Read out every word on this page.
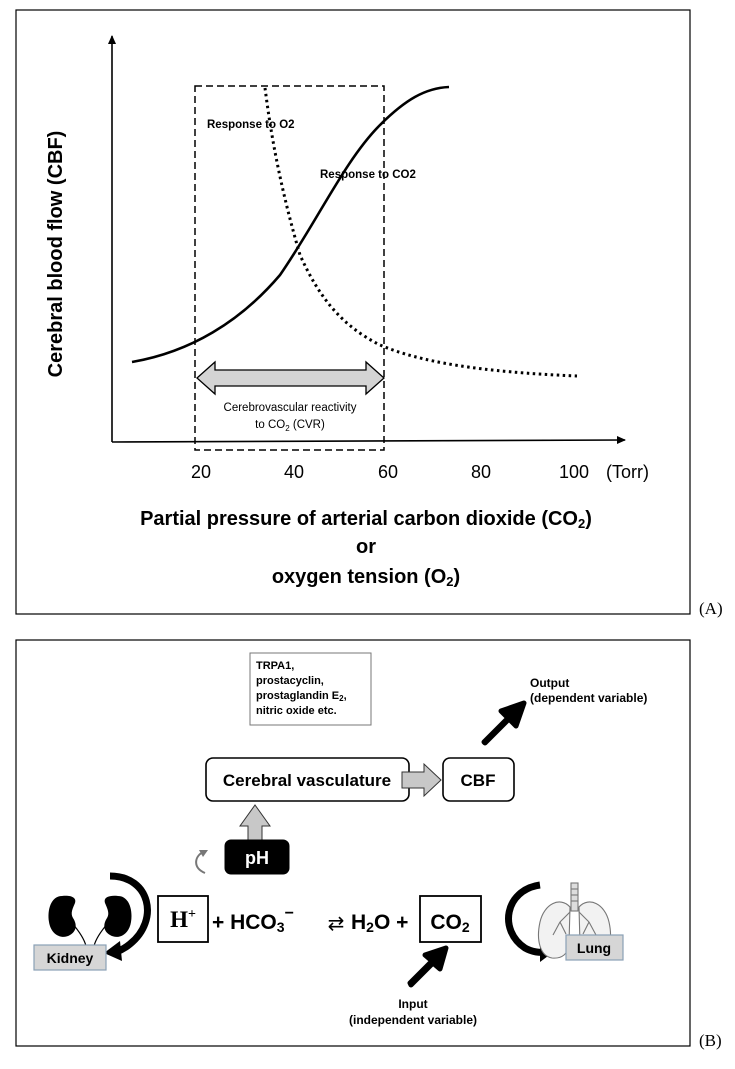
Cerebral blood flow (CBF)
Response to O2
Response to CO2
Cerebrovascular reactivity
to $CO_2$ (CVR)
20	40	60	80	100 (Torr)
Partial pressure of arterial carbon dioxide (CO2)
or
oxygen tension (O2)
(A)
TRPA1,
prostacyclin,
prostaglandin E2,
nitric oxide etc.
Cerebral vasculature	CBF
Output
(dependent variable)
pH
Kidney
H+ + HCO3− ⇄ H2O + CO2
Input
(independent variable)
Lung
(B)
